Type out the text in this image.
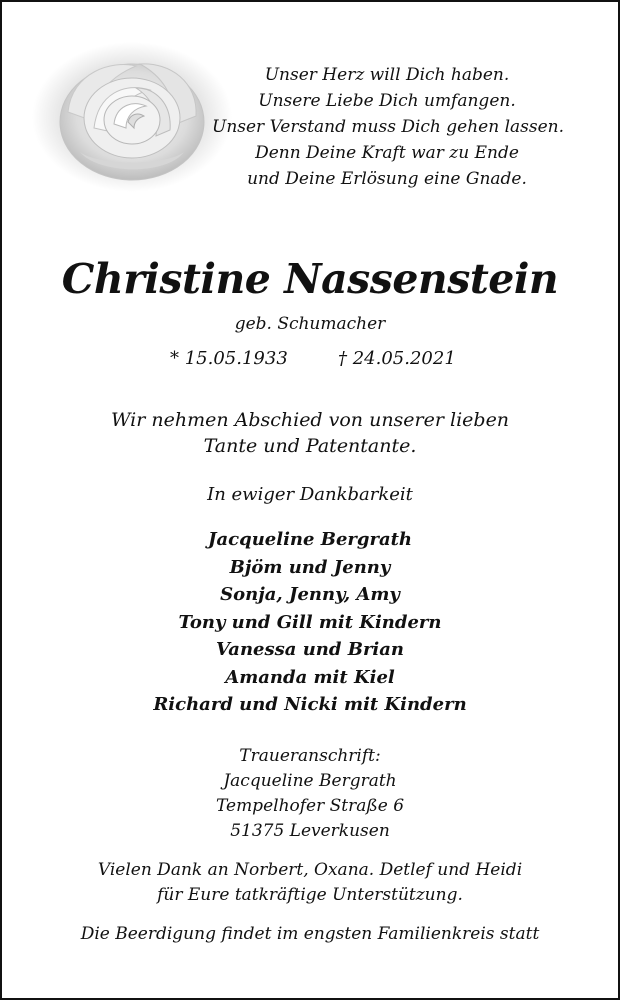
Unser Herz will Dich haben.
Unsere Liebe Dich umfangen.
Unser Verstand muss Dich gehen lassen.
Denn Deine Kraft war zu Ende
und Deine Erlösung eine Gnade.
Christine Nassenstein
geb. Schumacher
* 15.05.1933	† 24.05.2021
Wir nehmen Abschied von unserer lieben
Tante und Patentante.
In ewiger Dankbarkeit
Jacqueline Bergrath
Bjöm und Jenny
Sonja, Jenny, Amy
Tony und Gill mit Kindern
Vanessa und Brian
Amanda mit Kiel
Richard und Nicki mit Kindern
Traueranschrift:
Jacqueline Bergrath
Tempelhofer Straße 6
51375 Leverkusen
Vielen Dank an Norbert, Oxana. Detlef und Heidi
für Eure tatkräftige Unterstützung.
Die Beerdigung findet im engsten Familienkreis statt
